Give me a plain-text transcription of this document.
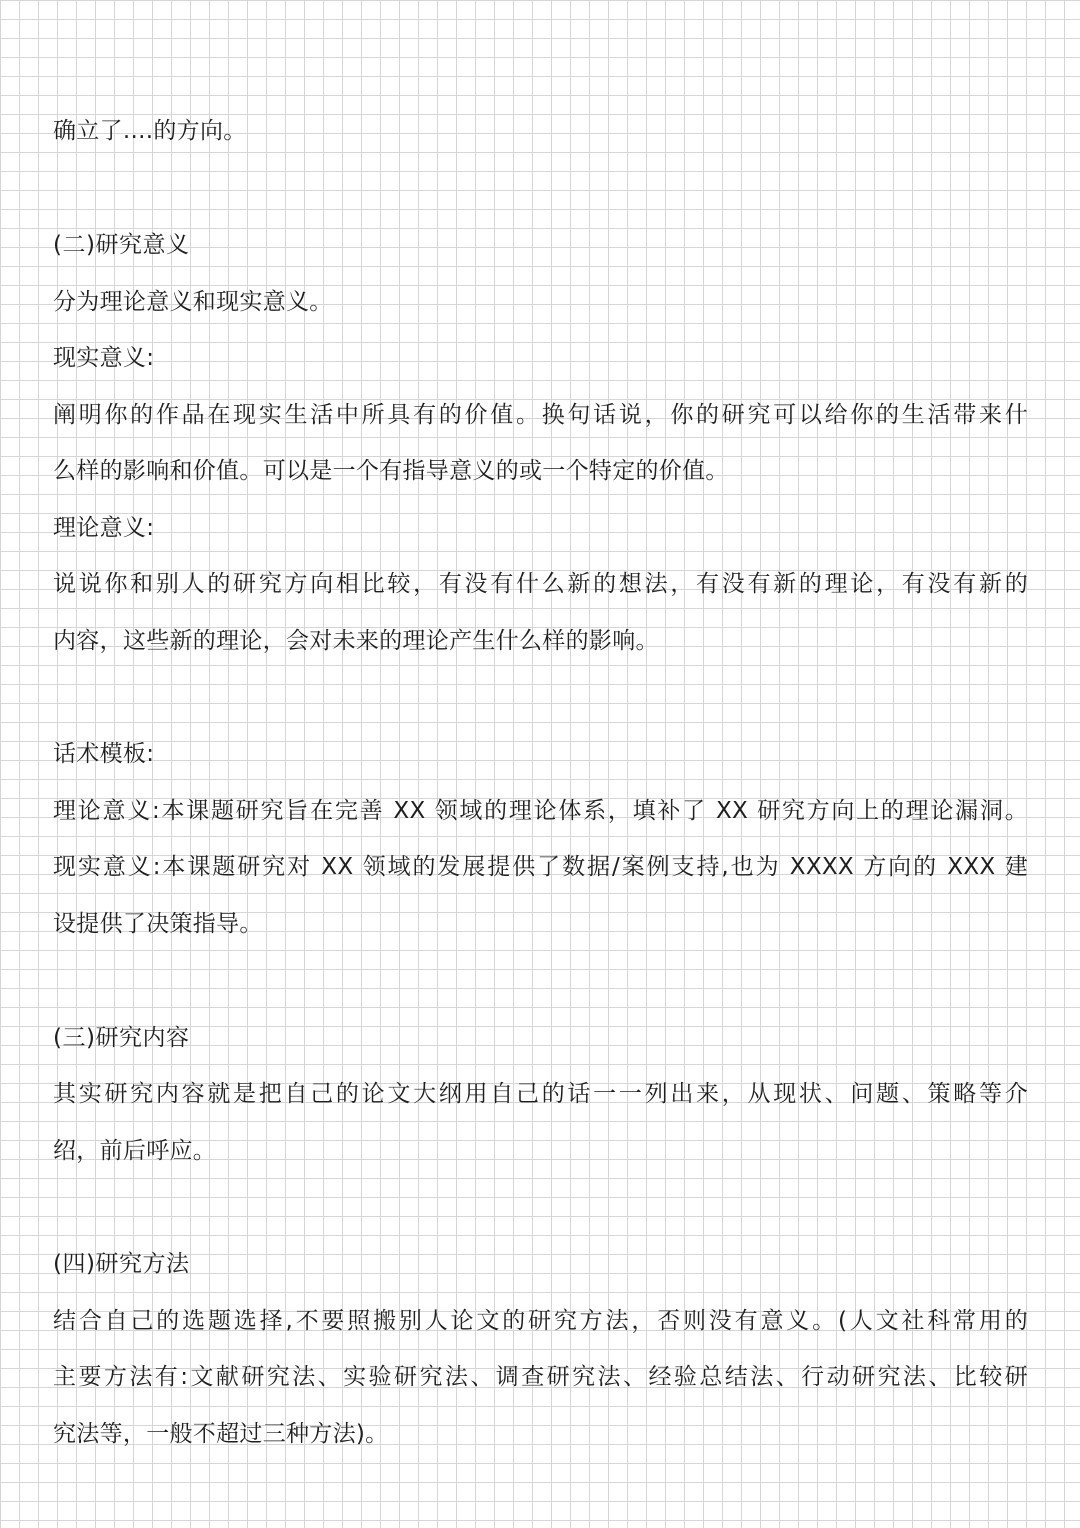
确立了....的方向。
(二)研究意义
分为理论意义和现实意义。
现实意义:
阐明你的作品在现实生活中所具有的价值。换句话说，你的研究可以给你的生活带来什
么样的影响和价值。可以是一个有指导意义的或一个特定的价值。
理论意义:
说说你和别人的研究方向相比较，有没有什么新的想法，有没有新的理论，有没有新的
内容，这些新的理论，会对未来的理论产生什么样的影响。
话术模板:
理论意义:本课题研究旨在完善 XX 领域的理论体系，填补了 XX 研究方向上的理论漏洞。
现实意义:本课题研究对 XX 领域的发展提供了数据/案例支持,也为 XXXX 方向的 XXX 建
设提供了决策指导。
(三)研究内容
其实研究内容就是把自己的论文大纲用自己的话一一列出来，从现状、问题、策略等介
绍，前后呼应。
(四)研究方法
结合自己的选题选择,不要照搬别人论文的研究方法，否则没有意义。(人文社科常用的
主要方法有:文献研究法、实验研究法、调查研究法、经验总结法、行动研究法、比较研
究法等，一般不超过三种方法)。
